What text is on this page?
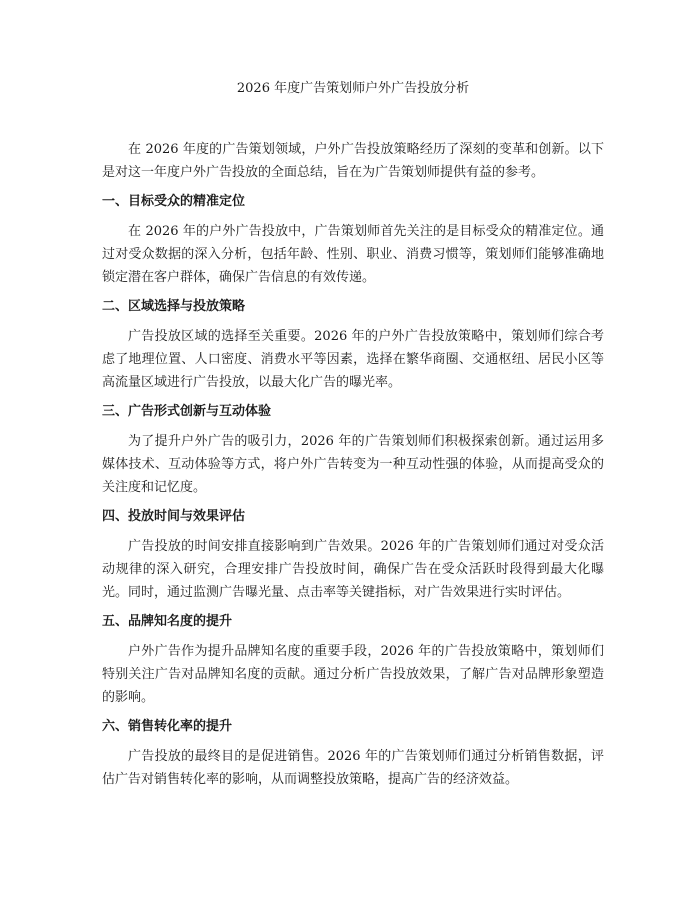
2026 年度广告策划师户外广告投放分析

在 2026 年度的广告策划领域，户外广告投放策略经历了深刻的变革和创新。以下是对这一年度户外广告投放的全面总结，旨在为广告策划师提供有益的参考。

一、目标受众的精准定位

在 2026 年的户外广告投放中，广告策划师首先关注的是目标受众的精准定位。通过对受众数据的深入分析，包括年龄、性别、职业、消费习惯等，策划师们能够准确地锁定潜在客户群体，确保广告信息的有效传递。

二、区域选择与投放策略

广告投放区域的选择至关重要。2026 年的户外广告投放策略中，策划师们综合考虑了地理位置、人口密度、消费水平等因素，选择在繁华商圈、交通枢纽、居民小区等高流量区域进行广告投放，以最大化广告的曝光率。

三、广告形式创新与互动体验

为了提升户外广告的吸引力，2026 年的广告策划师们积极探索创新。通过运用多媒体技术、互动体验等方式，将户外广告转变为一种互动性强的体验，从而提高受众的关注度和记忆度。

四、投放时间与效果评估

广告投放的时间安排直接影响到广告效果。2026 年的广告策划师们通过对受众活动规律的深入研究，合理安排广告投放时间，确保广告在受众活跃时段得到最大化曝光。同时，通过监测广告曝光量、点击率等关键指标，对广告效果进行实时评估。

五、品牌知名度的提升

户外广告作为提升品牌知名度的重要手段，2026 年的广告投放策略中，策划师们特别关注广告对品牌知名度的贡献。通过分析广告投放效果，了解广告对品牌形象塑造的影响。

六、销售转化率的提升

广告投放的最终目的是促进销售。2026 年的广告策划师们通过分析销售数据，评估广告对销售转化率的影响，从而调整投放策略，提高广告的经济效益。
